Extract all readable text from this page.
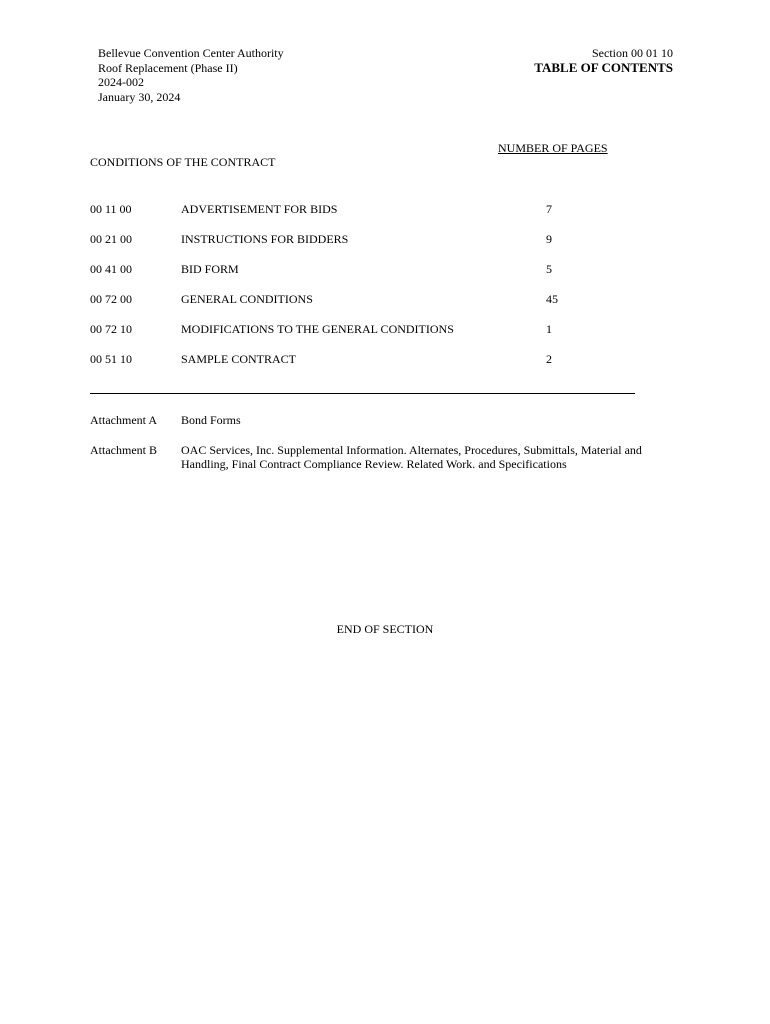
Bellevue Convention Center Authority
Roof Replacement (Phase II)
2024-002
January 30, 2024
Section 00 01 10
TABLE OF CONTENTS
NUMBER OF PAGES
CONDITIONS OF THE CONTRACT
00 11 00	ADVERTISEMENT FOR BIDS	7
00 21 00	INSTRUCTIONS FOR BIDDERS	9
00 41 00	BID FORM	5
00 72 00	GENERAL CONDITIONS	45
00 72 10	MODIFICATIONS TO THE GENERAL CONDITIONS	1
00 51 10	SAMPLE CONTRACT	2
Attachment A Bond Forms
Attachment B OAC Services, Inc. Supplemental Information. Alternates, Procedures, Submittals, Material and Handling, Final Contract Compliance Review. Related Work. and Specifications
END OF SECTION
